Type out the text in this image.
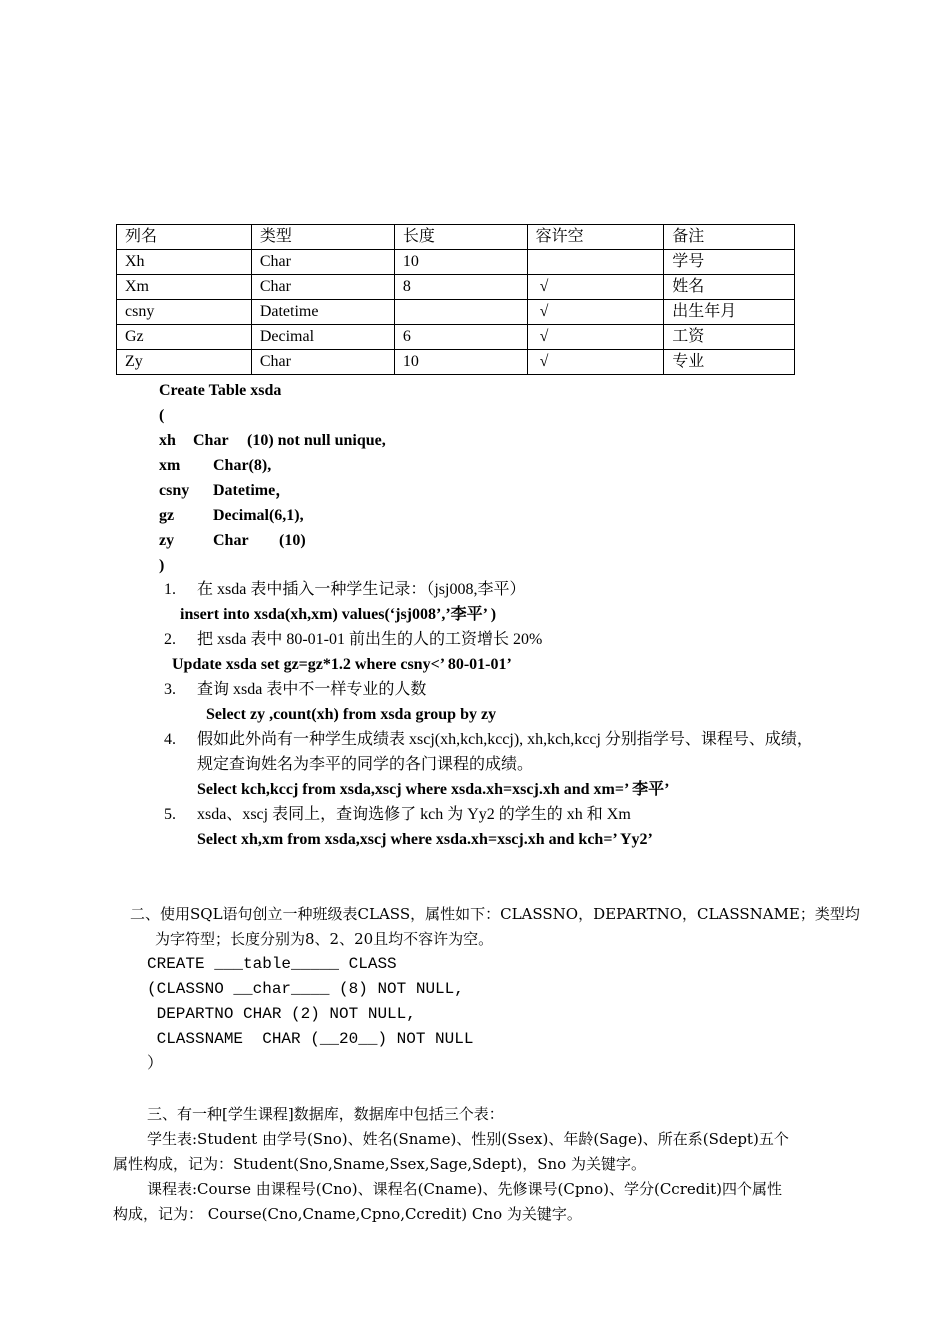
列名	类型	长度	容许空	备注
Xh	Char	10		学号
Xm	Char	8	√	姓名
csny	Datetime		√	出生年月
Gz	Decimal	6	√	工资
Zy	Char	10	√	专业
Create Table xsda
(
xh Char (10) not null unique,
xm Char(8),
csny Datetime，
gz Decimal(6,1),
zy Char (10)
)
1. 在 xsda 表中插入一种学生记录：（jsj008,李平）
insert into xsda(xh,xm) values(‘jsj008’,’李平’ )
2. 把 xsda 表中 80-01-01 前出生的人的工资增长 20%
Update xsda set gz=gz*1.2 where csny<’ 80-01-01’
3. 查询 xsda 表中不一样专业的人数
Select zy ,count(xh) from xsda group by zy
4. 假如此外尚有一种学生成绩表 xscj(xh,kch,kccj), xh,kch,kccj 分别指学号、课程号、成绩，
规定查询姓名为李平的同学的各门课程的成绩。
Select kch,kccj from xsda,xscj where xsda.xh=xscj.xh and xm=’ 李平’
5. xsda、xscj 表同上，查询选修了 kch 为 Yy2 的学生的 xh 和 Xm
Select xh,xm from xsda,xscj where xsda.xh=xscj.xh and kch=’ Yy2’
二、使用SQL语句创立一种班级表CLASS，属性如下：CLASSNO，DEPARTNO，CLASSNAME；类型均
为字符型；长度分别为8、2、20且均不容许为空。
CREATE ___table_____ CLASS
(CLASSNO __char____ (8) NOT NULL,
DEPARTNO CHAR (2) NOT NULL,
CLASSNAME  CHAR (__20__) NOT NULL
）
三、有一种[学生课程]数据库，数据库中包括三个表：
学生表:Student 由学号(Sno)、姓名(Sname)、性别(Ssex)、年龄(Sage)、所在系(Sdept)五个
属性构成，记为：Student(Sno,Sname,Ssex,Sage,Sdept)，Sno 为关键字。
课程表:Course 由课程号(Cno)、课程名(Cname)、先修课号(Cpno)、学分(Ccredit)四个属性
构成，记为： Course(Cno,Cname,Cpno,Ccredit) Cno 为关键字。
